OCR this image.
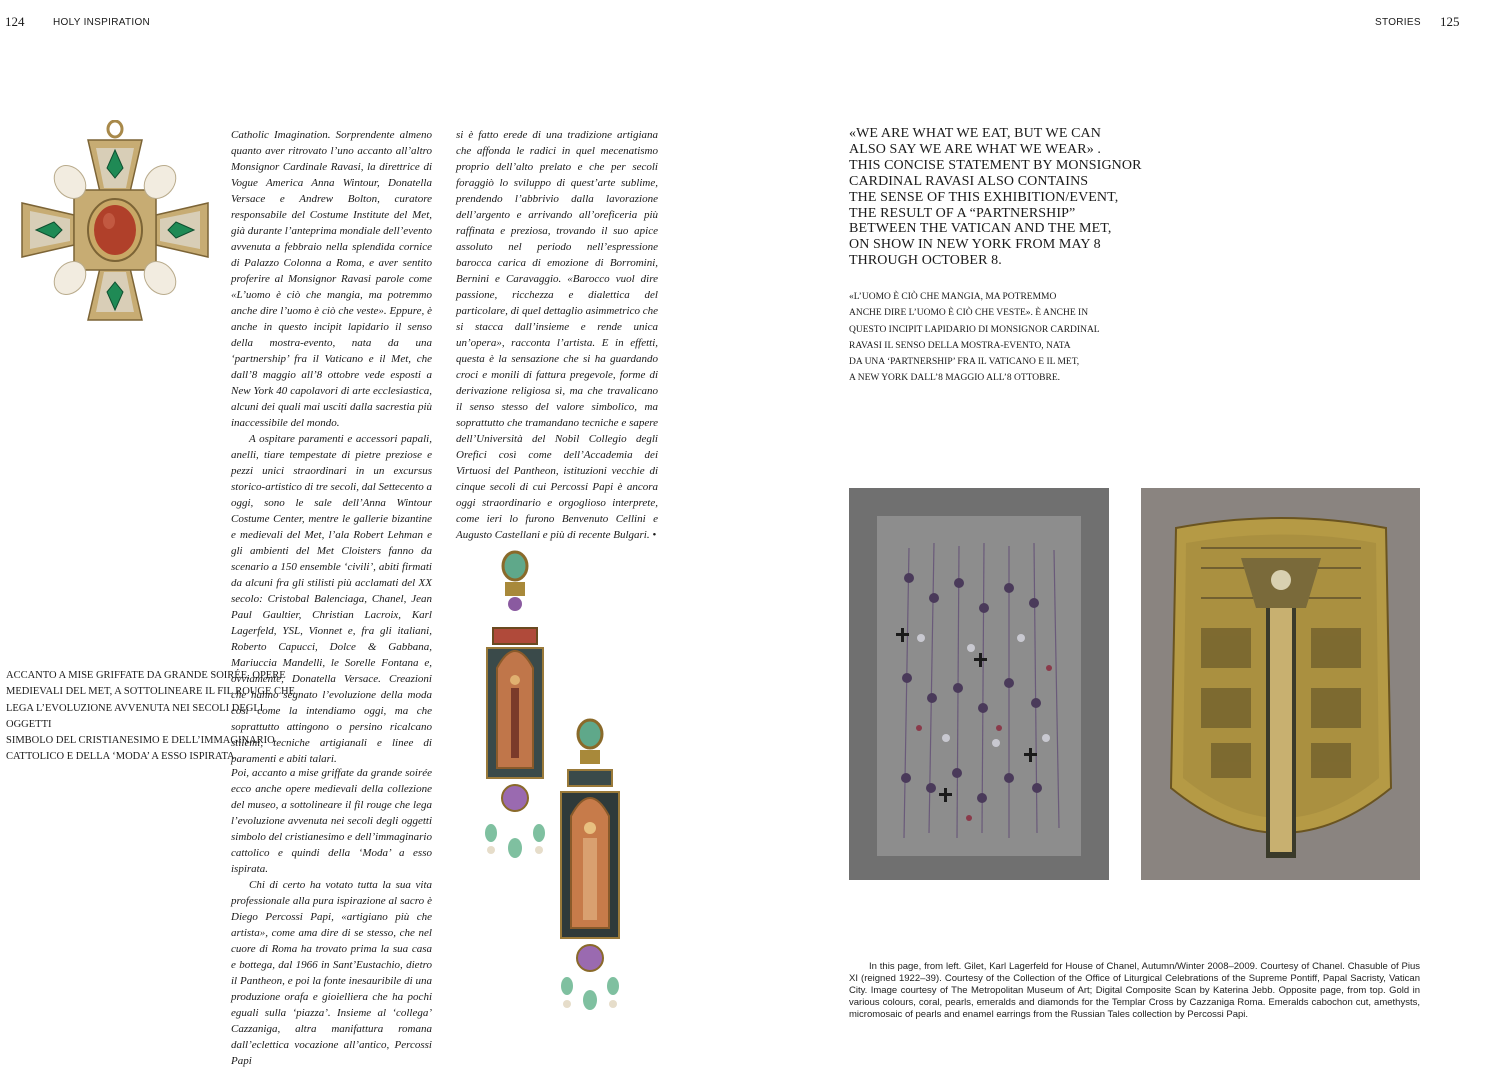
124	HOLY INSPIRATION	STORIES 125

Catholic Imagination. Sorprendente almeno quanto aver ritrovato l’uno accanto all’altro Monsignor Cardinale Ravasi, la direttrice di Vogue America Anna Wintour, Donatella Versace e Andrew Bolton, curatore responsabile del Costume Institute del Met, già durante l’anteprima mondiale dell’evento avvenuta a febbraio nella splendida cornice di Palazzo Colonna a Roma, e aver sentito proferire al Monsignor Ravasi parole come «L’uomo è ciò che mangia, ma potremmo anche dire l’uomo è ciò che veste». Eppure, è anche in questo incipit lapidario il senso della mostra-evento, nata da una ‘partnership’ fra il Vaticano e il Met, che dall’8 maggio all’8 ottobre vede esposti a New York 40 capolavori di arte ecclesiastica, alcuni dei quali mai usciti dalla sacrestia più inaccessibile del mondo.

A ospitare paramenti e accessori papali, anelli, tiare tempestate di pietre preziose e pezzi unici straordinari in un excursus storico-artistico di tre secoli, dal Settecento a oggi, sono le sale dell’Anna Wintour Costume Center, mentre le gallerie bizantine e medievali del Met, l’ala Robert Lehman e gli ambienti del Met Cloisters fanno da scenario a 150 ensemble ‘civili’, abiti firmati da alcuni fra gli stilisti più acclamati del XX secolo: Cristobal Balenciaga, Chanel, Jean Paul Gaultier, Christian Lacroix, Karl Lagerfeld, YSL, Vionnet e, fra gli italiani, Roberto Capucci, Dolce & Gabbana, Mariuccia Mandelli, le Sorelle Fontana e, ovviamente, Donatella Versace. Creazioni che hanno segnato l’evoluzione della moda così come la intendiamo oggi, ma che soprattutto attingono o persino ricalcano stilemi, tecniche artigianali e linee di paramenti e abiti talari.

Poi, accanto a mise griffate da grande soirée ecco anche opere medievali della collezione del museo, a sottolineare il fil rouge che lega l’evoluzione avvenuta nei secoli degli oggetti simbolo del cristianesimo e dell’immaginario cattolico e quindi della ‘Moda’ a esso ispirata.

Chi di certo ha votato tutta la sua vita professionale alla pura ispirazione al sacro è Diego Percossi Papi, «artigiano più che artista», come ama dire di se stesso, che nel cuore di Roma ha trovato prima la sua casa e bottega, dal 1966 in Sant’Eustachio, dietro il Pantheon, e poi la fonte inesauribile di una produzione orafa e gioielliera che ha pochi eguali sulla ‘piazza’. Insieme al ‘collega’ Cazzaniga, altra manifattura romana dall’eclettica vocazione all’antico, Percossi Papi

si è fatto erede di una tradizione artigiana che affonda le radici in quel mecenatismo proprio dell’alto prelato e che per secoli foraggiò lo sviluppo di quest’arte sublime, prendendo l’abbrivio dalla lavorazione dell’argento e arrivando all’oreficeria più raffinata e preziosa, trovando il suo apice assoluto nel periodo nell’espressione barocca carica di emozione di Borromini, Bernini e Caravaggio. «Barocco vuol dire passione, ricchezza e dialettica del particolare, di quel dettaglio asimmetrico che si stacca dall’insieme e rende unica un’opera», racconta l’artista. E in effetti, questa è la sensazione che si ha guardando croci e monili di fattura pregevole, forme di derivazione religiosa sì, ma che travalicano il senso stesso del valore simbolico, ma soprattutto che tramandano tecniche e sapere dell’Università del Nobil Collegio degli Orefici così come dell’Accademia dei Virtuosi del Pantheon, istituzioni vecchie di cinque secoli di cui Percossi Papi è ancora oggi straordinario e orgoglioso interprete, come ieri lo furono Benvenuto Cellini e Augusto Castellani e più di recente Bulgari. •

ACCANTO A MISE GRIFFATE DA GRANDE SOIRÉE, OPERE
MEDIEVALI DEL MET, A SOTTOLINEARE IL FIL ROUGE CHE
LEGA L’EVOLUZIONE AVVENUTA NEI SECOLI DEGLI OGGETTI
SIMBOLO DEL CRISTIANESIMO E DELL’IMMAGINARIO
CATTOLICO E DELLA ‘MODA’ A ESSO ISPIRATA
«WE ARE WHAT WE EAT, BUT WE CAN
ALSO SAY WE ARE WHAT WE WEAR» .
THIS CONCISE STATEMENT BY MONSIGNOR
CARDINAL RAVASI ALSO CONTAINS
THE SENSE OF THIS EXHIBITION/EVENT,
THE RESULT OF A “PARTNERSHIP”
BETWEEN THE VATICAN AND THE MET,
ON SHOW IN NEW YORK FROM MAY 8
THROUGH OCTOBER 8.
«L’UOMO È CIÒ CHE MANGIA, MA POTREMMO
ANCHE DIRE L’UOMO È CIÒ CHE VESTE». È ANCHE IN
QUESTO INCIPIT LAPIDARIO DI MONSIGNOR CARDINAL
RAVASI IL SENSO DELLA MOSTRA-EVENTO, NATA
DA UNA ‘PARTNERSHIP’ FRA IL VATICANO E IL MET,
A NEW YORK DALL’8 MAGGIO ALL’8 OTTOBRE.
In this page, from left. Gilet, Karl Lagerfeld for House of Chanel, Autumn/Winter 2008–2009. Courtesy of Chanel. Chasuble of Pius XI (reigned 1922–39). Courtesy of the Collection of the Office of Liturgical Celebrations of the Supreme Pontiff, Papal Sacristy, Vatican City. Image courtesy of The Metropolitan Museum of Art; Digital Composite Scan by Katerina Jebb. Opposite page, from top. Gold in various colours, coral, pearls, emeralds and diamonds for the Templar Cross by Cazzaniga Roma. Emeralds cabochon cut, amethysts, micromosaic of pearls and enamel earrings from the Russian Tales collection by Percossi Papi.
